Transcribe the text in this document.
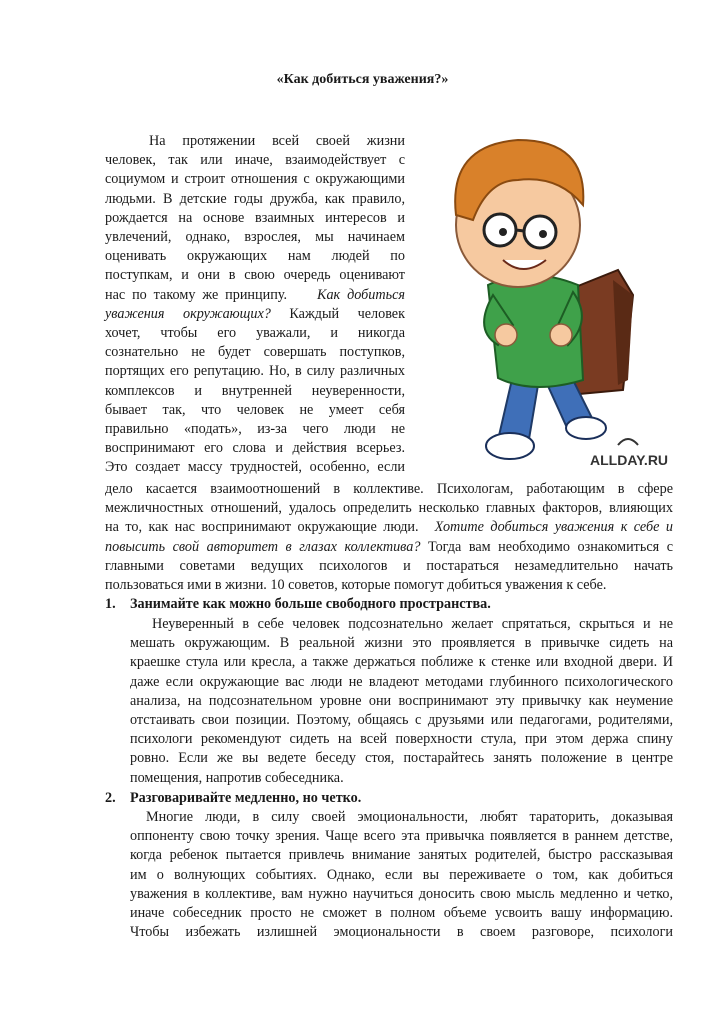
«Как добиться уважения?»
ALLDAY.RU
На протяжении всей своей жизни
человек, так или иначе, взаимодействует с
социумом и строит отношения с окружающими
людьми. В детские годы дружба, как правило,
рождается на основе взаимных интересов и
увлечений, однако, взрослея, мы начинаем
оценивать окружающих нам людей по
поступкам, и они в свою очередь оценивают
нас по такому же принципу. Как добиться
уважения окружающих? Каждый человек
хочет, чтобы его уважали, и никогда
сознательно не будет совершать поступков,
портящих его репутацию. Но, в силу различных
комплексов и внутренней неуверенности,
бывает так, что человек не умеет себя
правильно «подать», из-за чего люди не
воспринимают его слова и действия всерьез.
Это создает массу трудностей, особенно, если
дело касается взаимоотношений в коллективе. Психологам, работающим в сфере
межличностных отношений, удалось определить несколько главных факторов, влияющих
на то, как нас воспринимают окружающие люди. Хотите добиться уважения к себе и
повысить свой авторитет в глазах коллектива? Тогда вам необходимо ознакомиться с
главными советами ведущих психологов и постараться незамедлительно начать
пользоваться ими в жизни. 10 советов, которые помогут добиться уважения к себе.
1. Занимайте как можно больше свободного пространства.
Неуверенный в себе человек подсознательно желает спрятаться, скрыться и не
мешать окружающим. В реальной жизни это проявляется в привычке сидеть на
краешке стула или кресла, а также держаться поближе к стенке или входной двери. И
даже если окружающие вас люди не владеют методами глубинного психологического
анализа, на подсознательном уровне они воспринимают эту привычку как неумение
отстаивать свои позиции. Поэтому, общаясь с друзьями или педагогами, родителями,
психологи рекомендуют сидеть на всей поверхности стула, при этом держа спину
ровно. Если же вы ведете беседу стоя, постарайтесь занять положение в центре
помещения, напротив собеседника.
2. Разговаривайте медленно, но четко.
Многие люди, в силу своей эмоциональности, любят тараторить, доказывая
оппоненту свою точку зрения. Чаще всего эта привычка появляется в раннем детстве,
когда ребенок пытается привлечь внимание занятых родителей, быстро рассказывая
им о волнующих событиях. Однако, если вы переживаете о том, как добиться
уважения в коллективе, вам нужно научиться доносить свою мысль медленно и четко,
иначе собеседник просто не сможет в полном объеме усвоить вашу информацию.
Чтобы избежать излишней эмоциональности в своем разговоре, психологи
